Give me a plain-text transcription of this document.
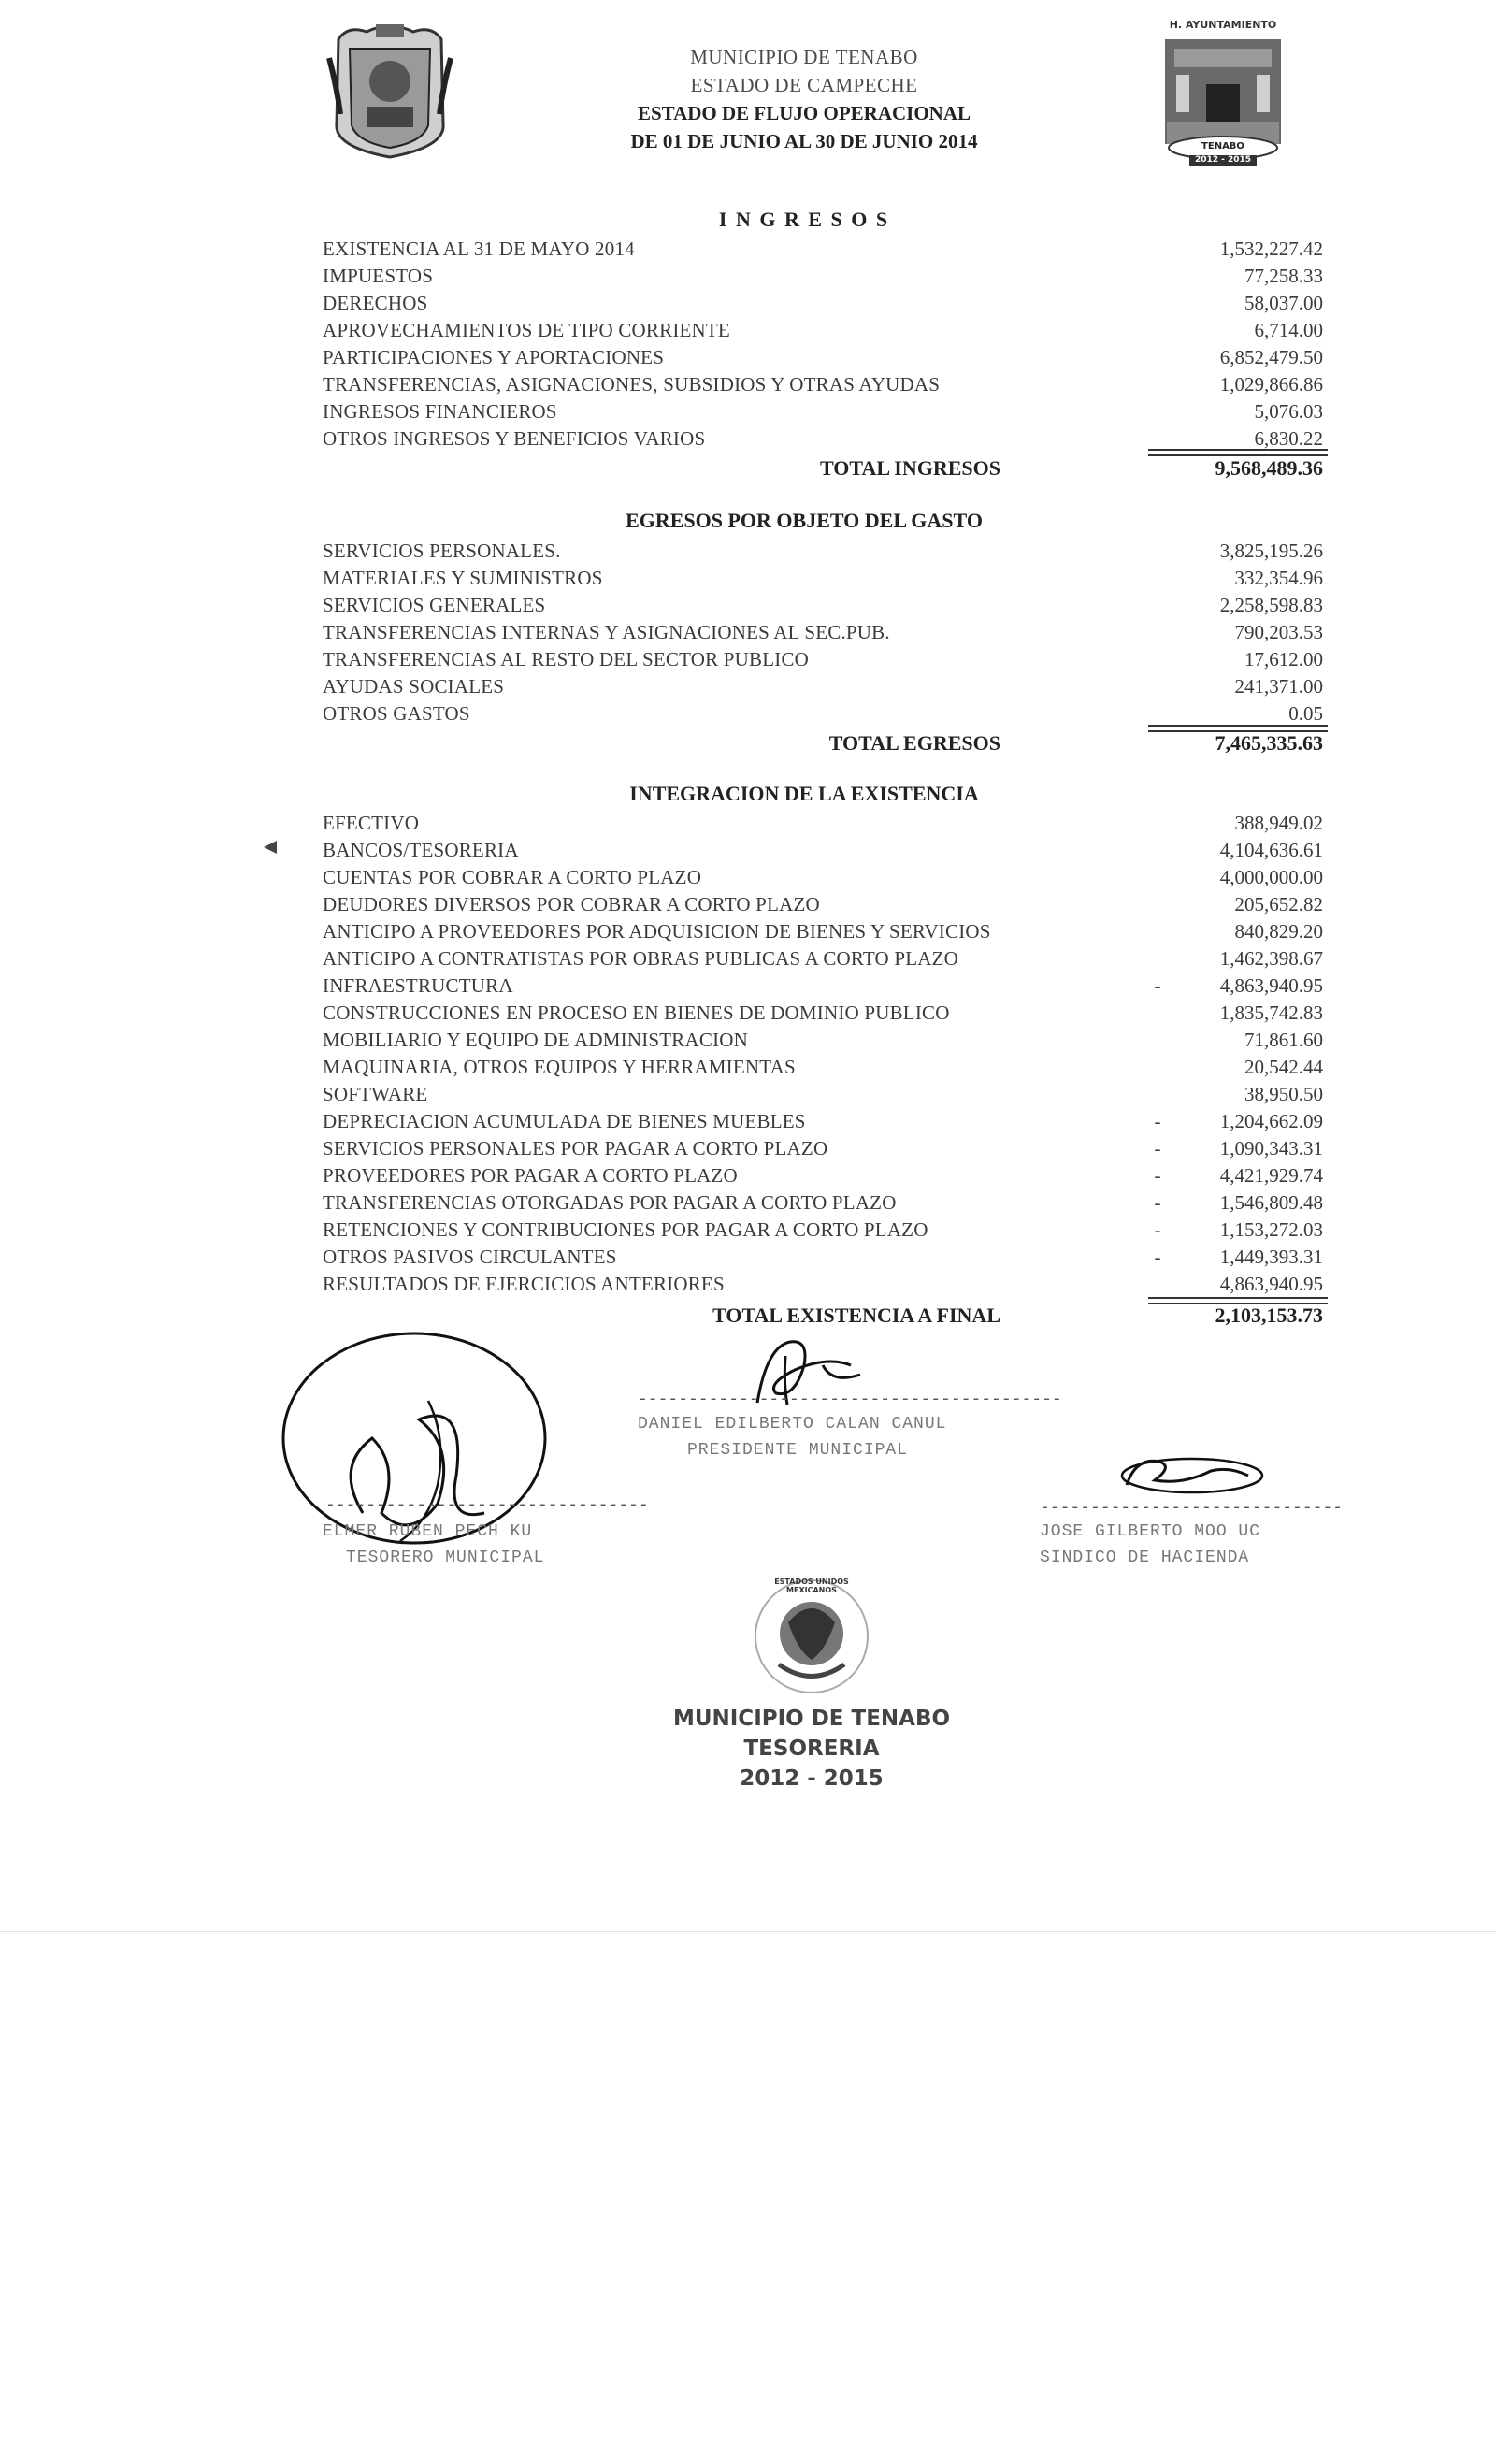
MUNICIPIO DE TENABO
ESTADO DE CAMPECHE
ESTADO DE FLUJO OPERACIONAL
DE 01 DE JUNIO AL 30 DE JUNIO 2014
H. AYUNTAMIENTO
TENABO
2012 - 2015
I N G R E S O S
EXISTENCIA AL 31 DE MAYO 2014	1,532,227.42
IMPUESTOS	77,258.33
DERECHOS	58,037.00
APROVECHAMIENTOS DE TIPO CORRIENTE	6,714.00
PARTICIPACIONES Y APORTACIONES	6,852,479.50
TRANSFERENCIAS, ASIGNACIONES, SUBSIDIOS Y OTRAS AYUDAS	1,029,866.86
INGRESOS FINANCIEROS	5,076.03
OTROS INGRESOS Y BENEFICIOS VARIOS	6,830.22
TOTAL INGRESOS	9,568,489.36
EGRESOS POR OBJETO DEL GASTO
SERVICIOS PERSONALES.	3,825,195.26
MATERIALES Y SUMINISTROS	332,354.96
SERVICIOS GENERALES	2,258,598.83
TRANSFERENCIAS INTERNAS Y ASIGNACIONES AL SEC.PUB.	790,203.53
TRANSFERENCIAS AL RESTO DEL SECTOR PUBLICO	17,612.00
AYUDAS SOCIALES	241,371.00
OTROS GASTOS	0.05
TOTAL EGRESOS	7,465,335.63
INTEGRACION DE LA EXISTENCIA
EFECTIVO	388,949.02
BANCOS/TESORERIA	4,104,636.61
CUENTAS POR COBRAR A CORTO PLAZO	4,000,000.00
DEUDORES DIVERSOS POR COBRAR A CORTO PLAZO	205,652.82
ANTICIPO A PROVEEDORES POR ADQUISICION DE BIENES Y SERVICIOS	840,829.20
ANTICIPO A CONTRATISTAS POR OBRAS PUBLICAS A CORTO PLAZO	1,462,398.67
INFRAESTRUCTURA	-	4,863,940.95
CONSTRUCCIONES EN PROCESO EN BIENES DE DOMINIO PUBLICO	1,835,742.83
MOBILIARIO Y EQUIPO DE ADMINISTRACION	71,861.60
MAQUINARIA, OTROS EQUIPOS Y HERRAMIENTAS	20,542.44
SOFTWARE	38,950.50
DEPRECIACION ACUMULADA DE BIENES MUEBLES	-	1,204,662.09
SERVICIOS PERSONALES POR PAGAR A CORTO PLAZO	-	1,090,343.31
PROVEEDORES POR PAGAR A CORTO PLAZO	-	4,421,929.74
TRANSFERENCIAS OTORGADAS POR PAGAR A CORTO PLAZO	-	1,546,809.48
RETENCIONES Y CONTRIBUCIONES POR PAGAR A CORTO PLAZO	-	1,153,272.03
OTROS PASIVOS CIRCULANTES	-	1,449,393.31
RESULTADOS DE EJERCICIOS ANTERIORES	4,863,940.95
TOTAL EXISTENCIA A FINAL	2,103,153.73
------------------------------------------
DANIEL EDILBERTO CALAN CANUL
PRESIDENTE MUNICIPAL
--------------------------------
ELMER RUBEN PECH KU
TESORERO MUNICIPAL
------------------------------
JOSE GILBERTO MOO UC
SINDICO DE HACIENDA
ESTADOS UNIDOS MEXICANOS
MUNICIPIO DE TENABO
TESORERIA
2012 - 2015
